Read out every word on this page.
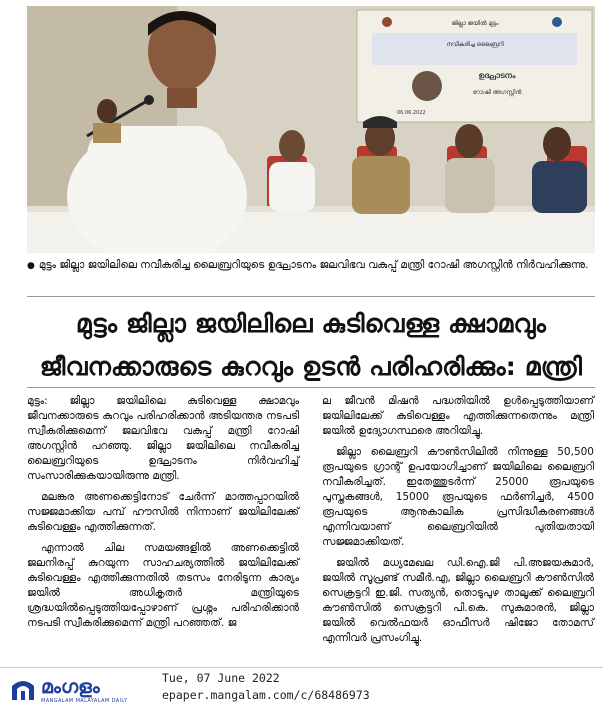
ജില്ലാ ജയിൽ മുട്ടം
നവീകരിച്ച ലൈബ്രറി
ഉദ്ഘാടനം
റോഷി അഗസ്റ്റിൻ
06.06.2022
● മുട്ടം ജില്ലാ ജയിലിലെ നവീകരിച്ച ലൈബ്രറിയുടെ ഉദ്ഘാടനം ജലവിഭവ വകുപ്പ് മന്ത്രി റോഷി അഗസ്റ്റിൻ നിർവഹിക്കുന്നു.
മുട്ടം ജില്ലാ ജയിലിലെ കുടിവെള്ള ക്ഷാമവും
ജീവനക്കാരുടെ കുറവും ഉടൻ പരിഹരിക്കും: മന്ത്രി

മുട്ടം: ജില്ലാ ജയിലിലെ കുടിവെള്ള ക്ഷാമവും ജീവനക്കാരുടെ കുറവും പരിഹരിക്കാൻ അടിയന്തര നടപടി സ്വീകരിക്കുമെന്ന് ജലവിഭവ വകുപ്പ് മന്ത്രി റോഷി അഗസ്റ്റിൻ പറഞ്ഞു. ജില്ലാ ജയിലിലെ നവീകരിച്ച ലൈബ്രറിയുടെ ഉദ്ഘാടനം നിർവഹിച്ച് സംസാരിക്കുകയായിരുന്നു മന്ത്രി.

മലങ്കര അണക്കെട്ടിനോട് ചേർന്ന് മാത്തപ്പാറയിൽ സജ്ജമാക്കിയ പമ്പ് ഹൗസിൽ നിന്നാണ് ജയിലിലേക്ക് കുടിവെള്ളം എത്തിക്കുന്നത്.

എന്നാൽ ചില സമയങ്ങളിൽ അണക്കെട്ടിൽ ജലനിരപ്പ് കുറയുന്ന സാഹചര്യത്തിൽ ജയിലിലേക്ക് കുടിവെള്ളം എത്തിക്കുന്നതിൽ തടസം നേരിടുന്ന കാര്യം ജയിൽ അധികൃതർ മന്ത്രിയുടെ ശ്രദ്ധയിൽപ്പെടുത്തിയപ്പോഴാണ് പ്രശ്നം പരിഹരിക്കാൻ നടപടി സ്വീകരിക്കുമെന്ന് മന്ത്രി പറഞ്ഞത്. ജ

ല ജീവൻ മിഷൻ പദ്ധതിയിൽ ഉൾപ്പെടുത്തിയാണ് ജയിലിലേക്ക് കുടിവെള്ളം എത്തിക്കുന്നതെന്നും മന്ത്രി ജയിൽ ഉദ്യോഗസ്ഥരെ അറിയിച്ചു.

ജില്ലാ ലൈബ്രറി കൗൺസിലിൽ നിന്നുള്ള 50,500 രൂപയുടെ ഗ്രാന്റ് ഉപയോഗിച്ചാണ് ജയിലിലെ ലൈബ്രറി നവീകരിച്ചത്. ഇതേത്തുടർന്ന് 25000 രൂപയുടെ പുസ്തകങ്ങൾ, 15000 രൂപയുടെ ഫർണിച്ചർ, 4500 രൂപയുടെ ആനുകാലിക പ്രസിദ്ധീകരണങ്ങൾ എന്നിവയാണ് ലൈബ്രറിയിൽ പുതിയതായി സജ്ജമാക്കിയത്.

ജയിൽ മധ്യമേഖല ഡി.ഐ.ജി പി.അജയകുമാർ, ജയിൽ സൂപ്രണ്ട് സമീർ.എ, ജില്ലാ ലൈബ്രറി കൗൺസിൽ സെക്രട്ടറി ഇ.ജി. സത്യൻ, തൊടുപുഴ താലൂക്ക് ലൈബ്രറി കൗൺസിൽ സെക്രട്ടറി പി.കെ. സുകുമാരൻ, ജില്ലാ ജയിൽ വെൽഫയർ ഓഫീസർ ഷിജോ തോമസ് എന്നിവർ പ്രസംഗിച്ചു.

മംഗളം
MANGALAM MALAYALAM DAILY
Tue, 07 June 2022
epaper.mangalam.com/c/68486973
